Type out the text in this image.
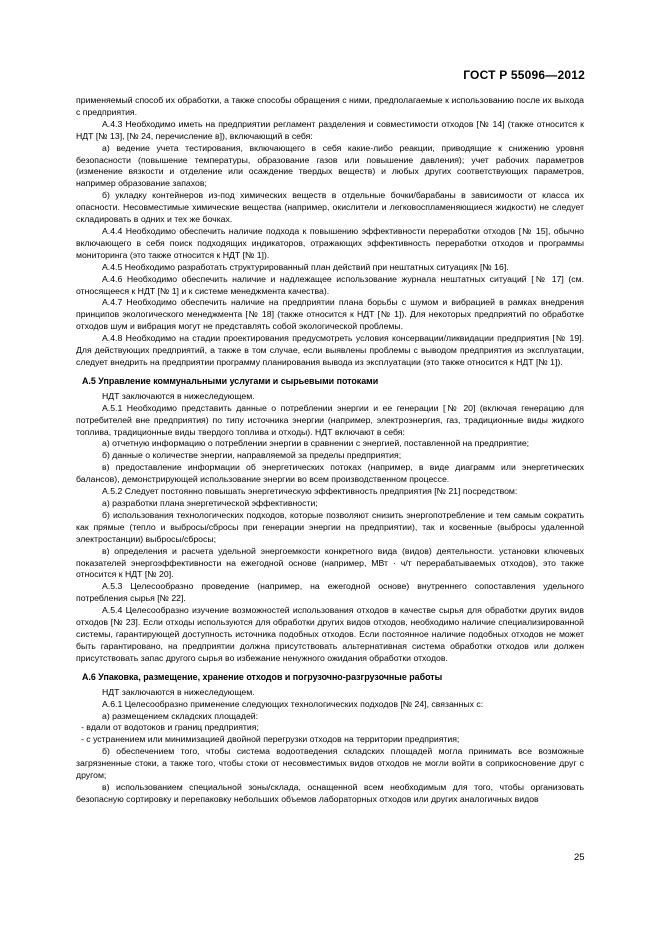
ГОСТ Р 55096—2012

применяемый способ их обработки, а также способы обращения с ними, предполагаемые к использованию после их выхода с предприятия.

А.4.3 Необходимо иметь на предприятии регламент разделения и совместимости отходов [№ 14] (также относится к НДТ [№ 13], [№ 24, перечисление в]), включающий в себя:

а) ведение учета тестирования, включающего в себя какие-либо реакции, приводящие к снижению уровня безопасности (повышение температуры, образование газов или повышение давления); учет рабочих параметров (изменение вязкости и отделение или осаждение твердых веществ) и любых других соответствующих параметров, например образование запахов;

б) укладку контейнеров из-под химических веществ в отдельные бочки/барабаны в зависимости от класса их опасности. Несовместимые химические вещества (например, окислители и легковоспламеняющиеся жидкости) не следует складировать в одних и тех же бочках.

А.4.4 Необходимо обеспечить наличие подхода к повышению эффективности переработки отходов [№ 15], обычно включающего в себя поиск подходящих индикаторов, отражающих эффективность переработки отходов и программы мониторинга (это также относится к НДТ [№ 1]).

А.4.5 Необходимо разработать структурированный план действий при нештатных ситуациях [№ 16].

А.4.6 Необходимо обеспечить наличие и надлежащее использование журнала нештатных ситуаций [№ 17] (см. относящееся к НДТ [№ 1] и к системе менеджмента качества).

А.4.7 Необходимо обеспечить наличие на предприятии плана борьбы с шумом и вибрацией в рамках внедрения принципов экологического менеджмента [№ 18] (также относится к НДТ [№ 1]). Для некоторых предприятий по обработке отходов шум и вибрация могут не представлять собой экологической проблемы.

А.4.8 Необходимо на стадии проектирования предусмотреть условия консервации/ликвидации предприятия [№ 19]. Для действующих предприятий, а также в том случае, если выявлены проблемы с выводом предприятия из эксплуатации, следует внедрить на предприятии программу планирования вывода из эксплуатации (это также относится к НДТ [№ 1]).

А.5 Управление коммунальными услугами и сырьевыми потоками

НДТ заключаются в нижеследующем.

А.5.1 Необходимо представить данные о потреблении энергии и ее генерации [№ 20] (включая генерацию для потребителей вне предприятия) по типу источника энергии (например, электроэнергия, газ, традиционные виды жидкого топлива, традиционные виды твердого топлива и отходы). НДТ включают в себя:

а) отчетную информацию о потреблении энергии в сравнении с энергией, поставленной на предприятие;

б) данные о количестве энергии, направляемой за пределы предприятия;

в) предоставление информации об энергетических потоках (например, в виде диаграмм или энергетических балансов), демонстрирующей использование энергии во всем производственном процессе.

А.5.2 Следует постоянно повышать энергетическую эффективность предприятия [№ 21] посредством:

а) разработки плана энергетической эффективности;

б) использования технологических подходов, которые позволяют снизить энергопотребление и тем самым сократить как прямые (тепло и выбросы/сбросы при генерации энергии на предприятии), так и косвенные (выбросы удаленной электростанции) выбросы/сбросы;

в) определения и расчета удельной энергоемкости конкретного вида (видов) деятельности. установки ключевых показателей энергоэффективности на ежегодной основе (например, МВт · ч/т перерабатываемых отходов), это также относится к НДТ [№ 20].

А.5.3 Целесообразно проведение (например, на ежегодной основе) внутреннего сопоставления удельного потребления сырья [№ 22].

А.5.4 Целесообразно изучение возможностей использования отходов в качестве сырья для обработки других видов отходов [№ 23]. Если отходы используются для обработки других видов отходов, необходимо наличие специализированной системы, гарантирующей доступность источника подобных отходов. Если постоянное наличие подобных отходов не может быть гарантировано, на предприятии должна присутствовать альтернативная система обработки отходов или должен присутствовать запас другого сырья во избежание ненужного ожидания обработки отходов.

А.6 Упаковка, размещение, хранение отходов и погрузочно-разгрузочные работы

НДТ заключаются в нижеследующем.

А.6.1 Целесообразно применение следующих технологических подходов [№ 24], связанных с:

а) размещением складских площадей:

- вдали от водотоков и границ предприятия;

- с устранением или минимизацией двойной перегрузки отходов на территории предприятия;

б) обеспечением того, чтобы система водоотведения складских площадей могла принимать все возможные загрязненные стоки, а также того, чтобы стоки от несовместимых видов отходов не могли войти в соприкосновение друг с другом;

в) использованием специальной зоны/склада, оснащенной всем необходимым для того, чтобы организовать безопасную сортировку и перепаковку небольших объемов лабораторных отходов или других аналогичных видов

25
